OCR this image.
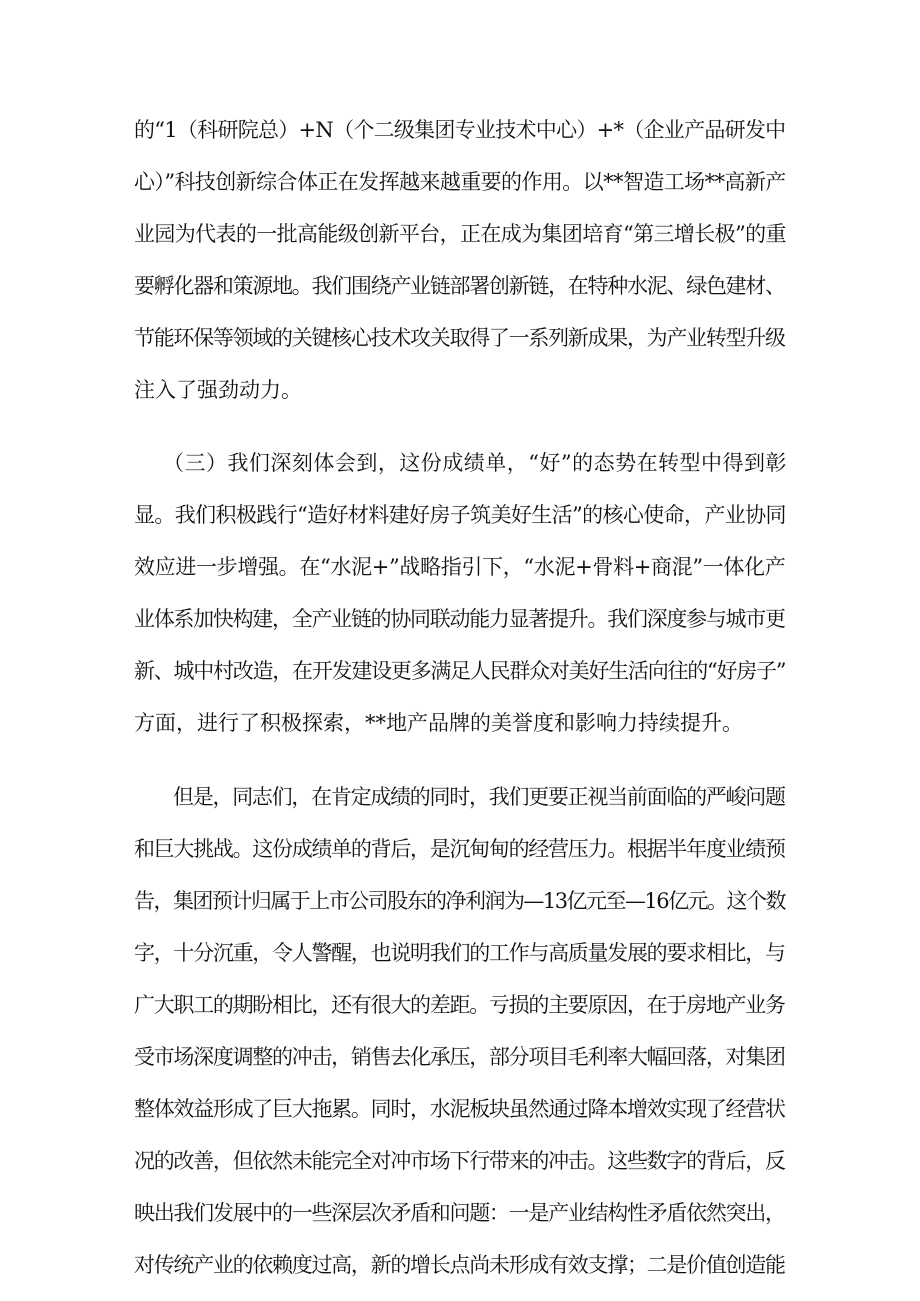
的“1（科研院总）+N（个二级集团专业技术中心）+*（企业产品研发中
心）”科技创新综合体正在发挥越来越重要的作用。以**智造工场**高新产
业园为代表的一批高能级创新平台，正在成为集团培育“第三增长极”的重
要孵化器和策源地。我们围绕产业链部署创新链，在特种水泥、绿色建材、
节能环保等领域的关键核心技术攻关取得了一系列新成果，为产业转型升级
注入了强劲动力。
（三）我们深刻体会到，这份成绩单，“好”的态势在转型中得到彰
显。我们积极践行“造好材料建好房子筑美好生活”的核心使命，产业协同
效应进一步增强。在“水泥+”战略指引下，“水泥+骨料+商混”一体化产
业体系加快构建，全产业链的协同联动能力显著提升。我们深度参与城市更
新、城中村改造，在开发建设更多满足人民群众对美好生活向往的“好房子”
方面，进行了积极探索，**地产品牌的美誉度和影响力持续提升。
但是，同志们，在肯定成绩的同时，我们更要正视当前面临的严峻问题
和巨大挑战。这份成绩单的背后，是沉甸甸的经营压力。根据半年度业绩预
告，集团预计归属于上市公司股东的净利润为—13亿元至—16亿元。这个数
字，十分沉重，令人警醒，也说明我们的工作与高质量发展的要求相比，与
广大职工的期盼相比，还有很大的差距。亏损的主要原因，在于房地产业务
受市场深度调整的冲击，销售去化承压，部分项目毛利率大幅回落，对集团
整体效益形成了巨大拖累。同时，水泥板块虽然通过降本增效实现了经营状
况的改善，但依然未能完全对冲市场下行带来的冲击。这些数字的背后，反
映出我们发展中的一些深层次矛盾和问题：一是产业结构性矛盾依然突出，
对传统产业的依赖度过高，新的增长点尚未形成有效支撑；二是价值创造能
